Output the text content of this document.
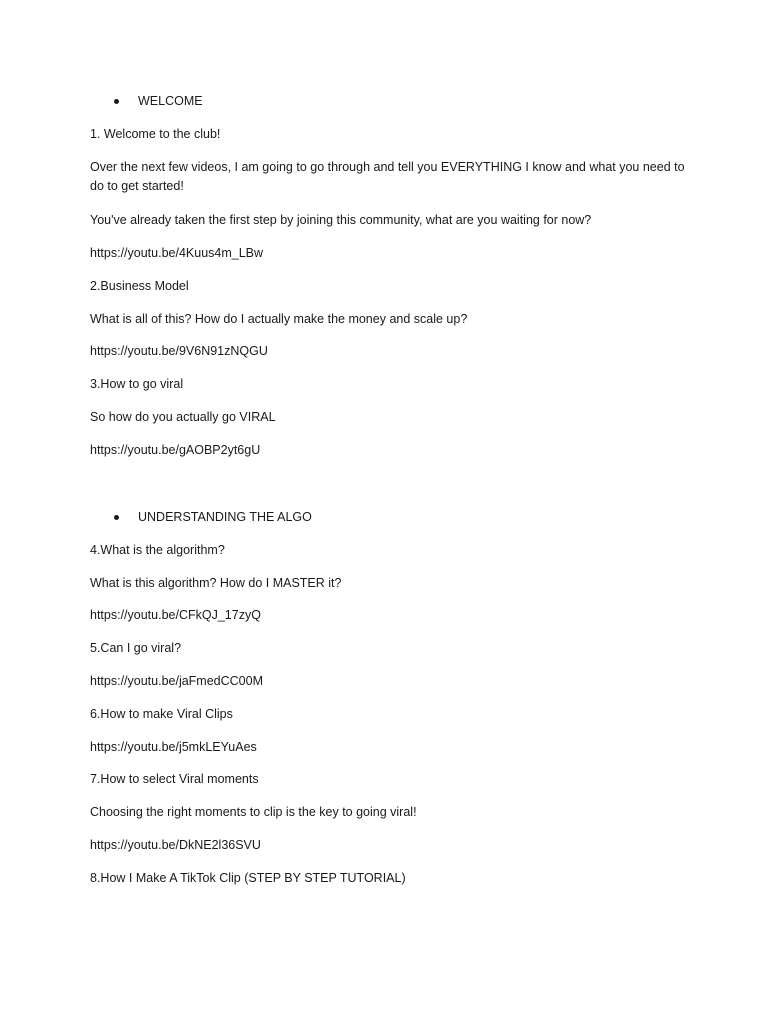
WELCOME
1. Welcome to the club!
Over the next few videos, I am going to go through and tell you EVERYTHING I know and what you need to do to get started!
You've already taken the first step by joining this community, what are you waiting for now?
https://youtu.be/4Kuus4m_LBw
2.Business Model
What is all of this? How do I actually make the money and scale up?
https://youtu.be/9V6N91zNQGU
3.How to go viral
So how do you actually go VIRAL
https://youtu.be/gAOBP2yt6gU
UNDERSTANDING THE ALGO
4.What is the algorithm?
What is this algorithm? How do I MASTER it?
https://youtu.be/CFkQJ_17zyQ
5.Can I go viral?
https://youtu.be/jaFmedCC00M
6.How to make Viral Clips
https://youtu.be/j5mkLEYuAes
7.How to select Viral moments
Choosing the right moments to clip is the key to going viral!
https://youtu.be/DkNE2l36SVU
8.How I Make A TikTok Clip (STEP BY STEP TUTORIAL)
